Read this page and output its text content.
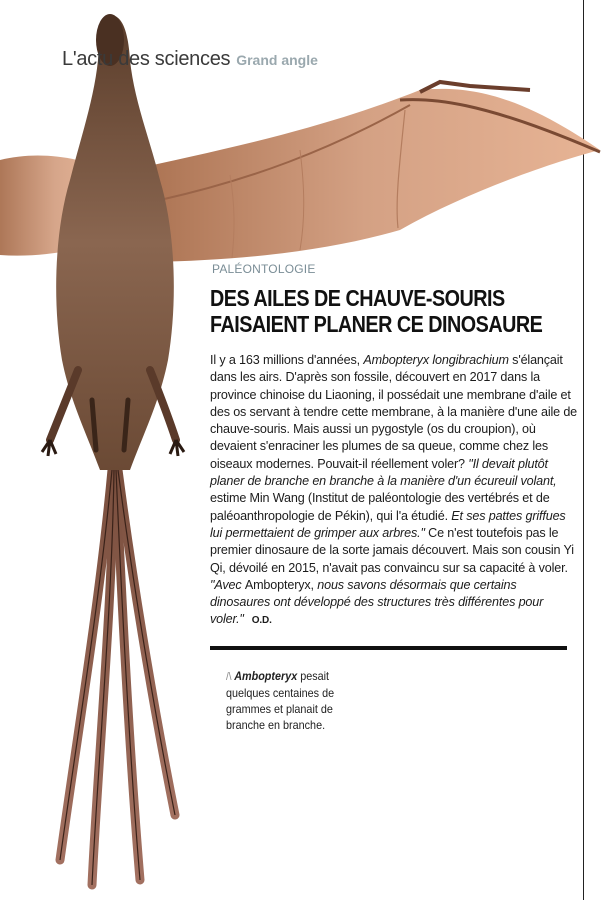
L'actu des sciences Grand angle
PALÉONTOLOGIE
DES AILES DE CHAUVE-SOURIS
FAISAIENT PLANER CE DINOSAURE

Il y a 163 millions d'années, Ambopteryx longibrachium s'élançait dans les airs. D'après son fossile, découvert en 2017 dans la province chinoise du Liaoning, il possédait une membrane d'aile et des os servant à tendre cette membrane, à la manière d'une aile de chauve-souris. Mais aussi un pygostyle (os du croupion), où devaient s'enraciner les plumes de sa queue, comme chez les oiseaux modernes. Pouvait-il réellement voler? "Il devait plutôt planer de branche en branche à la manière d'un écureuil volant, estime Min Wang (Institut de paléontologie des vertébrés et de paléoanthropologie de Pékin), qui l'a étudié. Et ses pattes griffues lui permettaient de grimper aux arbres." Ce n'est toutefois pas le premier dinosaure de la sorte jamais découvert. Mais son cousin Yi Qi, dévoilé en 2015, n'avait pas convaincu sur sa capacité à voler. "Avec Ambopteryx, nous savons désormais que certains dinosaures ont développé des structures très différentes pour voler." O.D.

/\ Ambopteryx pesait quelques centaines de grammes et planait de branche en branche.
